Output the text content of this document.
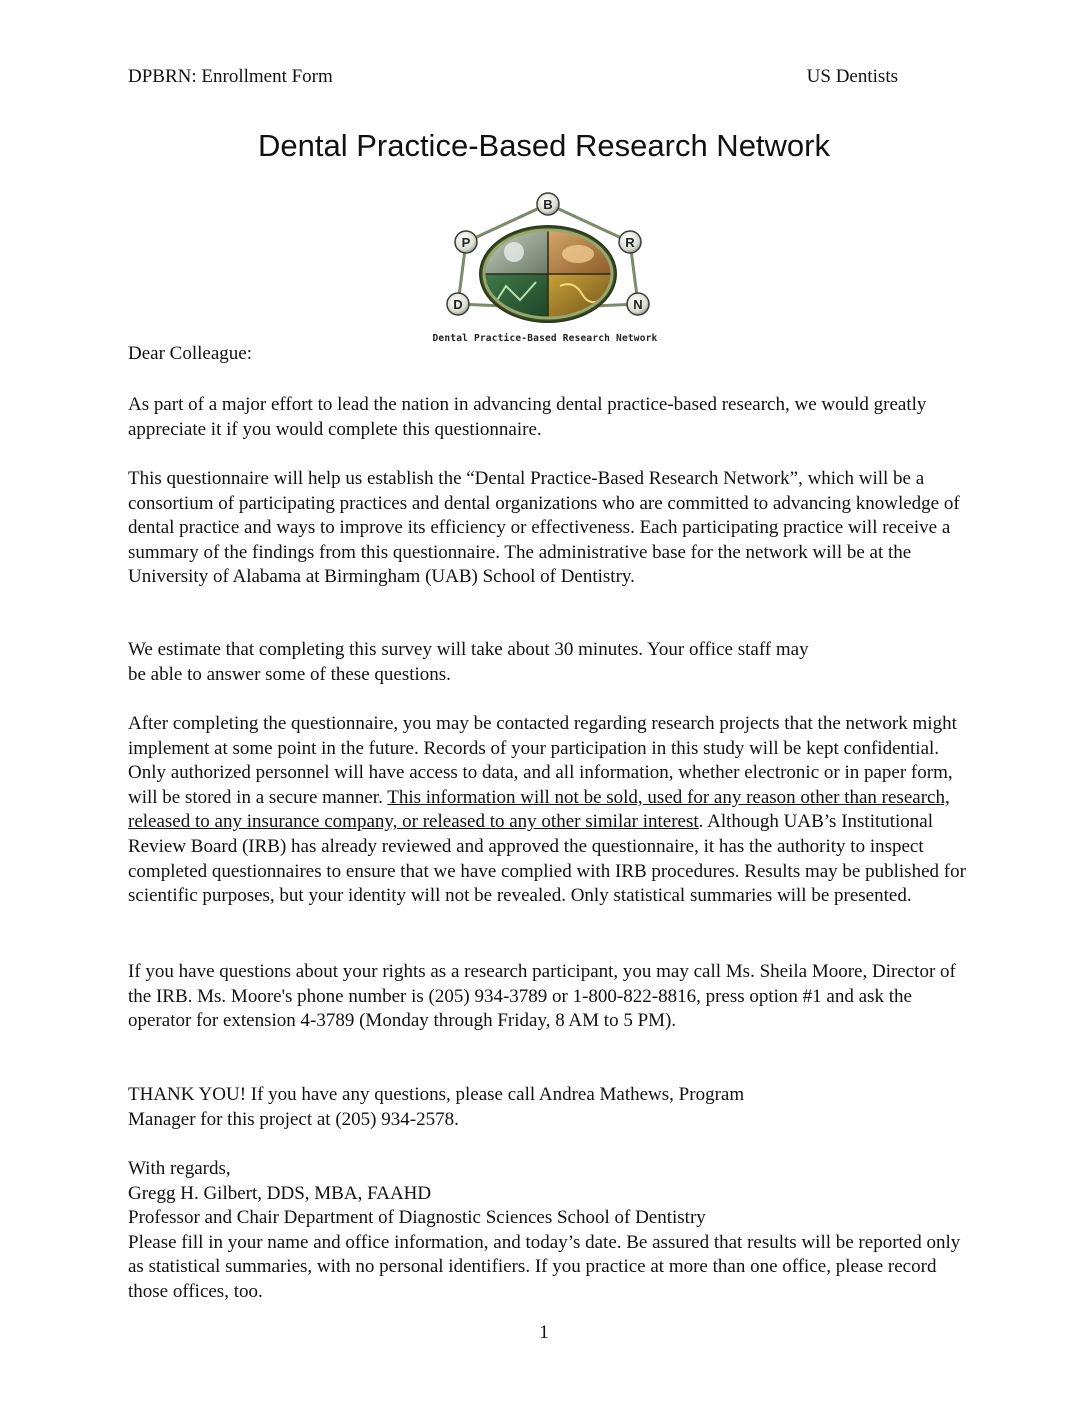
DPBRN: Enrollment Form	US Dentists
Dental Practice-Based Research Network
B
P	R
D	N
Dental Practice-Based Research Network
Dear Colleague:

As part of a major effort to lead the nation in advancing dental practice-based research, we would greatly appreciate it if you would complete this questionnaire.

This questionnaire will help us establish the “Dental Practice-Based Research Network”, which will be a consortium of participating practices and dental organizations who are committed to advancing knowledge of dental practice and ways to improve its efficiency or effectiveness. Each participating practice will receive a summary of the findings from this questionnaire. The administrative base for the network will be at the University of Alabama at Birmingham (UAB) School of Dentistry.

We estimate that completing this survey will take about 30 minutes. Your office staff may
be able to answer some of these questions.

After completing the questionnaire, you may be contacted regarding research projects that the network might implement at some point in the future. Records of your participation in this study will be kept confidential. Only authorized personnel will have access to data, and all information, whether electronic or in paper form, will be stored in a secure manner. This information will not be sold, used for any reason other than research, released to any insurance company, or released to any other similar interest. Although UAB’s Institutional Review Board (IRB) has already reviewed and approved the questionnaire, it has the authority to inspect completed questionnaires to ensure that we have complied with IRB procedures. Results may be published for scientific purposes, but your identity will not be revealed. Only statistical summaries will be presented.

If you have questions about your rights as a research participant, you may call Ms. Sheila Moore, Director of the IRB. Ms. Moore's phone number is (205) 934-3789 or 1-800-822-8816, press option #1 and ask the operator for extension 4-3789 (Monday through Friday, 8 AM to 5 PM).

THANK YOU! If you have any questions, please call Andrea Mathews, Program
Manager for this project at (205) 934-2578.
With regards,
Gregg H. Gilbert, DDS, MBA, FAAHD
Professor and Chair Department of Diagnostic Sciences School of Dentistry
Please fill in your name and office information, and today’s date. Be assured that results will be reported only as statistical summaries, with no personal identifiers. If you practice at more than one office, please record those offices, too.
1
